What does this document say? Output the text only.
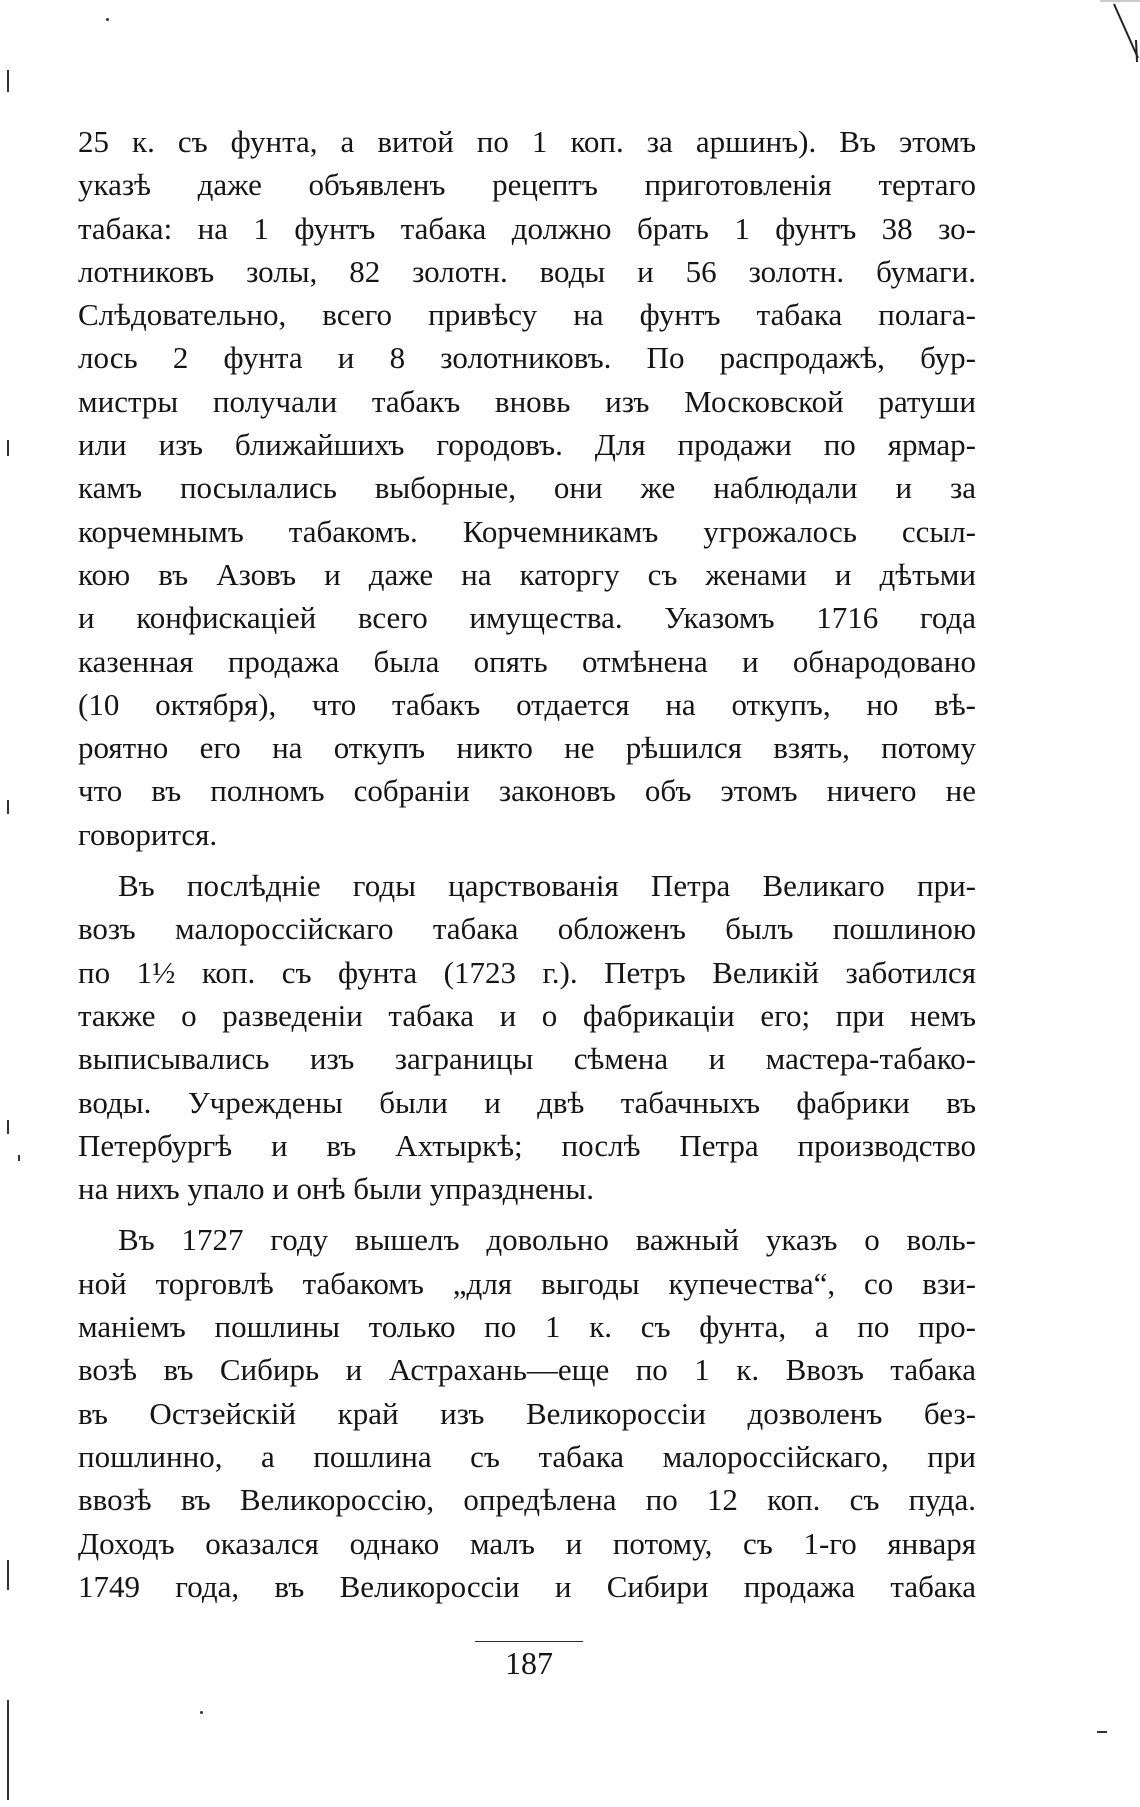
25 к. съ фунта, а витой по 1 коп. за аршинъ). Въ этомъ
указѣ даже объявленъ рецептъ приготовленія тертаго
табака: на 1 фунтъ табака должно брать 1 фунтъ 38 зо-
лотниковъ золы, 82 золотн. воды и 56 золотн. бумаги.
Слѣдовательно, всего привѣсу на фунтъ табака полага-
лось 2 фунта и 8 золотниковъ. По распродажѣ, бур-
мистры получали табакъ вновь изъ Московской ратуши
или изъ ближайшихъ городовъ. Для продажи по ярмар-
камъ посылались выборные, они же наблюдали и за
корчемнымъ табакомъ. Корчемникамъ угрожалось ссыл-
кою въ Азовъ и даже на каторгу съ женами и дѣтьми
и конфискаціей всего имущества. Указомъ 1716 года
казенная продажа была опять отмѣнена и обнародовано
(10 октября), что табакъ отдается на откупъ, но вѣ-
роятно его на откупъ никто не рѣшился взять, потому
что въ полномъ собраніи законовъ объ этомъ ничего не
говорится.
Въ послѣдніе годы царствованія Петра Великаго при-
возъ малороссійскаго табака обложенъ былъ пошлиною
по 1½ коп. съ фунта (1723 г.). Петръ Великій заботился
также о разведеніи табака и о фабрикаціи его; при немъ
выписывались изъ заграницы сѣмена и мастера-табако-
воды. Учреждены были и двѣ табачныхъ фабрики въ
Петербургѣ и въ Ахтыркѣ; послѣ Петра производство
на нихъ упало и онѣ были упразднены.
Въ 1727 году вышелъ довольно важный указъ о воль-
ной торговлѣ табакомъ „для выгоды купечества“, со взи-
маніемъ пошлины только по 1 к. съ фунта, а по про-
возѣ въ Сибирь и Астрахань—еще по 1 к. Ввозъ табака
въ Остзейскій край изъ Великороссіи дозволенъ без-
пошлинно, а пошлина съ табака малороссійскаго, при
ввозѣ въ Великороссію, опредѣлена по 12 коп. съ пуда.
Доходъ оказался однако малъ и потому, съ 1-го января
1749 года, въ Великороссіи и Сибири продажа табака
187
